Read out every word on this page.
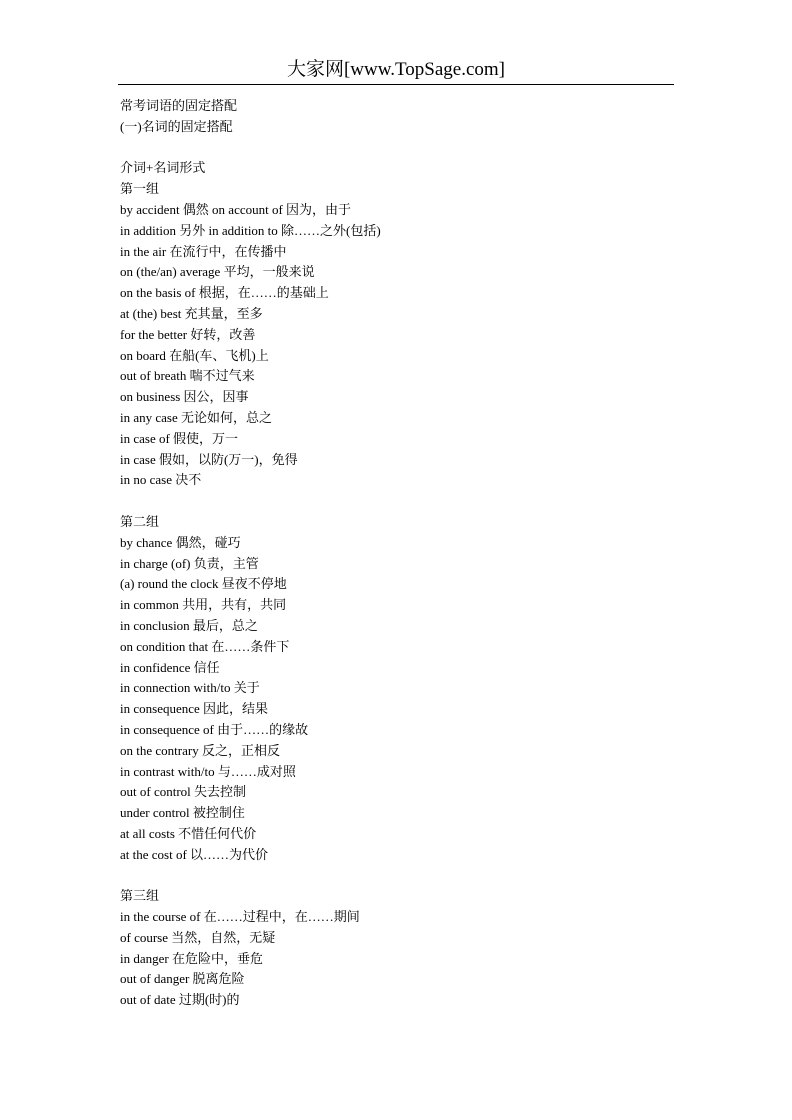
大家网[www.TopSage.com]
常考词语的固定搭配
(一)名词的固定搭配
介词+名词形式
第一组
by accident 偶然 on account of 因为，由于
in addition 另外 in addition to 除……之外(包括)
in the air 在流行中，在传播中
on (the/an) average 平均，一般来说
on the basis of 根据，在……的基础上
at (the) best 充其量，至多
for the better 好转，改善
on board 在船(车、飞机)上
out of breath 喘不过气来
on business 因公，因事
in any case 无论如何，总之
in case of 假使，万一
in case 假如，以防(万一)，免得
in no case 决不
第二组
by chance 偶然，碰巧
in charge (of) 负责，主管
(a) round the clock 昼夜不停地
in common 共用，共有，共同
in conclusion 最后，总之
on condition that 在……条件下
in confidence 信任
in connection with/to 关于
in consequence 因此，结果
in consequence of 由于……的缘故
on the contrary 反之，正相反
in contrast with/to 与……成对照
out of control 失去控制
under control 被控制住
at all costs 不惜任何代价
at the cost of 以……为代价
第三组
in the course of 在……过程中，在……期间
of course 当然，自然，无疑
in danger 在危险中，垂危
out of danger 脱离危险
out of date 过期(时)的
